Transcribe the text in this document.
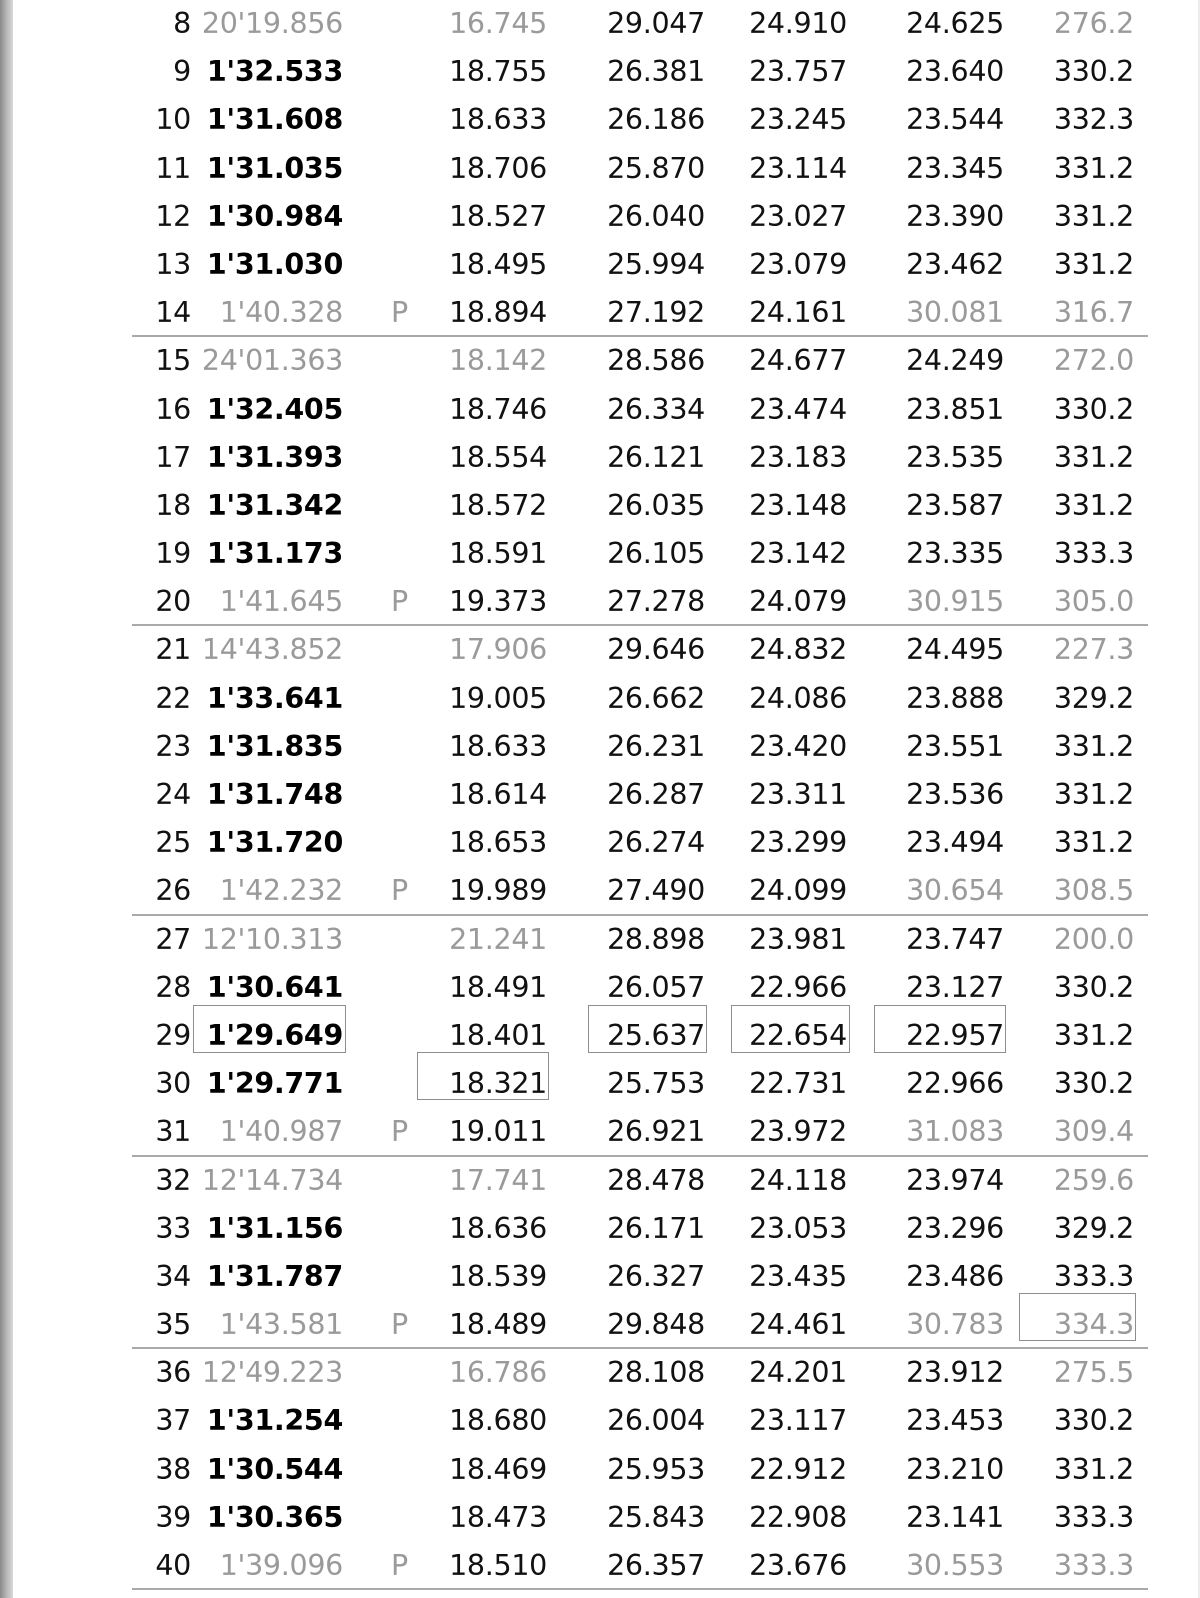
8 20'19.856	16.745 29.047 24.910 24.625 276.2
9 1'32.533	18.755 26.381 23.757 23.640 330.2
10 1'31.608	18.633 26.186 23.245 23.544 332.3
11 1'31.035	18.706 25.870 23.114 23.345 331.2
12 1'30.984	18.527 26.040 23.027 23.390 331.2
13 1'31.030	18.495 25.994 23.079 23.462 331.2
14 1'40.328 P 18.894 27.192 24.161 30.081 316.7
15 24'01.363	18.142 28.586 24.677 24.249 272.0
16 1'32.405	18.746 26.334 23.474 23.851 330.2
17 1'31.393	18.554 26.121 23.183 23.535 331.2
18 1'31.342	18.572 26.035 23.148 23.587 331.2
19 1'31.173	18.591 26.105 23.142 23.335 333.3
20 1'41.645 P 19.373 27.278 24.079 30.915 305.0
21 14'43.852	17.906 29.646 24.832 24.495 227.3
22 1'33.641	19.005 26.662 24.086 23.888 329.2
23 1'31.835	18.633 26.231 23.420 23.551 331.2
24 1'31.748	18.614 26.287 23.311 23.536 331.2
25 1'31.720	18.653 26.274 23.299 23.494 331.2
26 1'42.232 P 19.989 27.490 24.099 30.654 308.5
27 12'10.313	21.241 28.898 23.981 23.747 200.0
28 1'30.641	18.491 26.057 22.966 23.127 330.2
29 1'29.649	18.401 25.637 22.654 22.957 331.2
30 1'29.771	18.321 25.753 22.731 22.966 330.2
31 1'40.987 P 19.011 26.921 23.972 31.083 309.4
32 12'14.734	17.741 28.478 24.118 23.974 259.6
33 1'31.156	18.636 26.171 23.053 23.296 329.2
34 1'31.787	18.539 26.327 23.435 23.486 333.3
35 1'43.581 P 18.489 29.848 24.461 30.783 334.3
36 12'49.223	16.786 28.108 24.201 23.912 275.5
37 1'31.254	18.680 26.004 23.117 23.453 330.2
38 1'30.544	18.469 25.953 22.912 23.210 331.2
39 1'30.365	18.473 25.843 22.908 23.141 333.3
40 1'39.096 P 18.510 26.357 23.676 30.553 333.3
